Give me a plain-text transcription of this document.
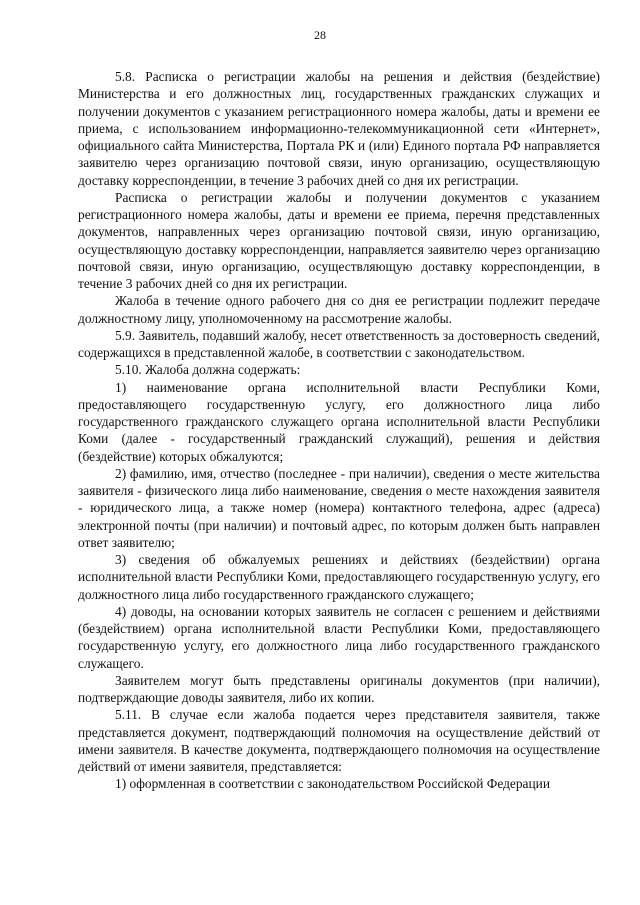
28

5.8. Расписка о регистрации жалобы на решения и действия (бездействие) Министерства и его должностных лиц, государственных гражданских служащих и получении документов с указанием регистрационного номера жалобы, даты и времени ее приема, с использованием информационно-телекоммуникационной сети «Интернет», официального сайта Министерства, Портала РК и (или) Единого портала РФ направляется заявителю через организацию почтовой связи, иную организацию, осуществляющую доставку корреспонденции, в течение 3 рабочих дней со дня их регистрации.

Расписка о регистрации жалобы и получении документов с указанием регистрационного номера жалобы, даты и времени ее приема, перечня представленных документов, направленных через организацию почтовой связи, иную организацию, осуществляющую доставку корреспонденции, направляется заявителю через организацию почтовой связи, иную организацию, осуществляющую доставку корреспонденции, в течение 3 рабочих дней со дня их регистрации.

Жалоба в течение одного рабочего дня со дня ее регистрации подлежит передаче должностному лицу, уполномоченному на рассмотрение жалобы.

5.9. Заявитель, подавший жалобу, несет ответственность за достоверность сведений, содержащихся в представленной жалобе, в соответствии с законодательством.

5.10. Жалоба должна содержать:

1) наименование органа исполнительной власти Республики Коми, предоставляющего государственную услугу, его должностного лица либо государственного гражданского служащего органа исполнительной власти Республики Коми (далее - государственный гражданский служащий), решения и действия (бездействие) которых обжалуются;

2) фамилию, имя, отчество (последнее - при наличии), сведения о месте жительства заявителя - физического лица либо наименование, сведения о месте нахождения заявителя - юридического лица, а также номер (номера) контактного телефона, адрес (адреса) электронной почты (при наличии) и почтовый адрес, по которым должен быть направлен ответ заявителю;

3) сведения об обжалуемых решениях и действиях (бездействии) органа исполнительной власти Республики Коми, предоставляющего государственную услугу, его должностного лица либо государственного гражданского служащего;

4) доводы, на основании которых заявитель не согласен с решением и действиями (бездействием) органа исполнительной власти Республики Коми, предоставляющего государственную услугу, его должностного лица либо государственного гражданского служащего.

Заявителем могут быть представлены оригиналы документов (при наличии), подтверждающие доводы заявителя, либо их копии.

5.11. В случае если жалоба подается через представителя заявителя, также представляется документ, подтверждающий полномочия на осуществление действий от имени заявителя. В качестве документа, подтверждающего полномочия на осуществление действий от имени заявителя, представляется:

1) оформленная в соответствии с законодательством Российской Федерации
